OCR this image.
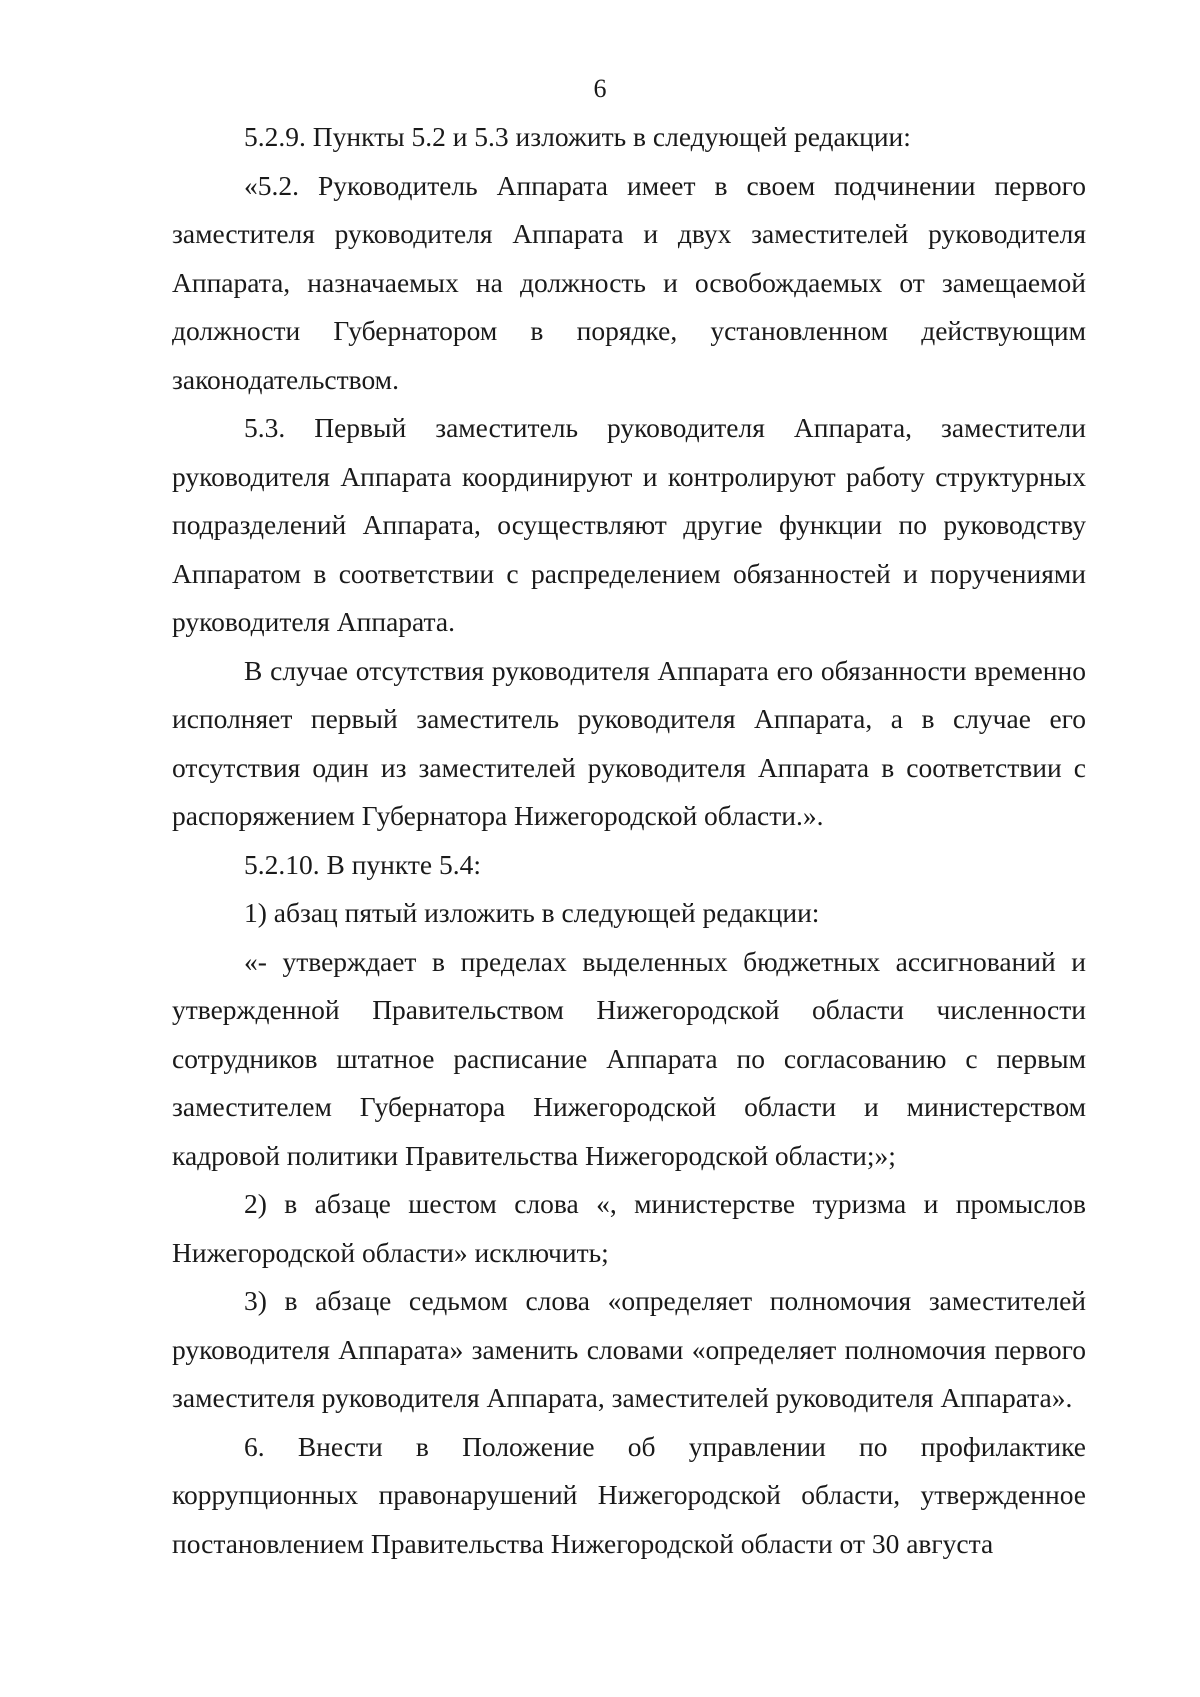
6

5.2.9. Пункты 5.2 и 5.3 изложить в следующей редакции:

«5.2. Руководитель Аппарата имеет в своем подчинении первого заместителя руководителя Аппарата и двух заместителей руководителя Аппарата, назначаемых на должность и освобождаемых от замещаемой должности Губернатором в порядке, установленном действующим законодательством.

5.3. Первый заместитель руководителя Аппарата, заместители руководителя Аппарата координируют и контролируют работу структурных подразделений Аппарата, осуществляют другие функции по руководству Аппаратом в соответствии с распределением обязанностей и поручениями руководителя Аппарата.

В случае отсутствия руководителя Аппарата его обязанности временно исполняет первый заместитель руководителя Аппарата, а в случае его отсутствия один из заместителей руководителя Аппарата в соответствии с распоряжением Губернатора Нижегородской области.».

5.2.10. В пункте 5.4:

1) абзац пятый изложить в следующей редакции:

«- утверждает в пределах выделенных бюджетных ассигнований и утвержденной Правительством Нижегородской области численности сотрудников штатное расписание Аппарата по согласованию с первым заместителем Губернатора Нижегородской области и министерством кадровой политики Правительства Нижегородской области;»;

2) в абзаце шестом слова «, министерстве туризма и промыслов Нижегородской области» исключить;

3) в абзаце седьмом слова «определяет полномочия заместителей руководителя Аппарата» заменить словами «определяет полномочия первого заместителя руководителя Аппарата, заместителей руководителя Аппарата».

6. Внести в Положение об управлении по профилактике коррупционных правонарушений Нижегородской области, утвержденное постановлением Правительства Нижегородской области от 30 августа
